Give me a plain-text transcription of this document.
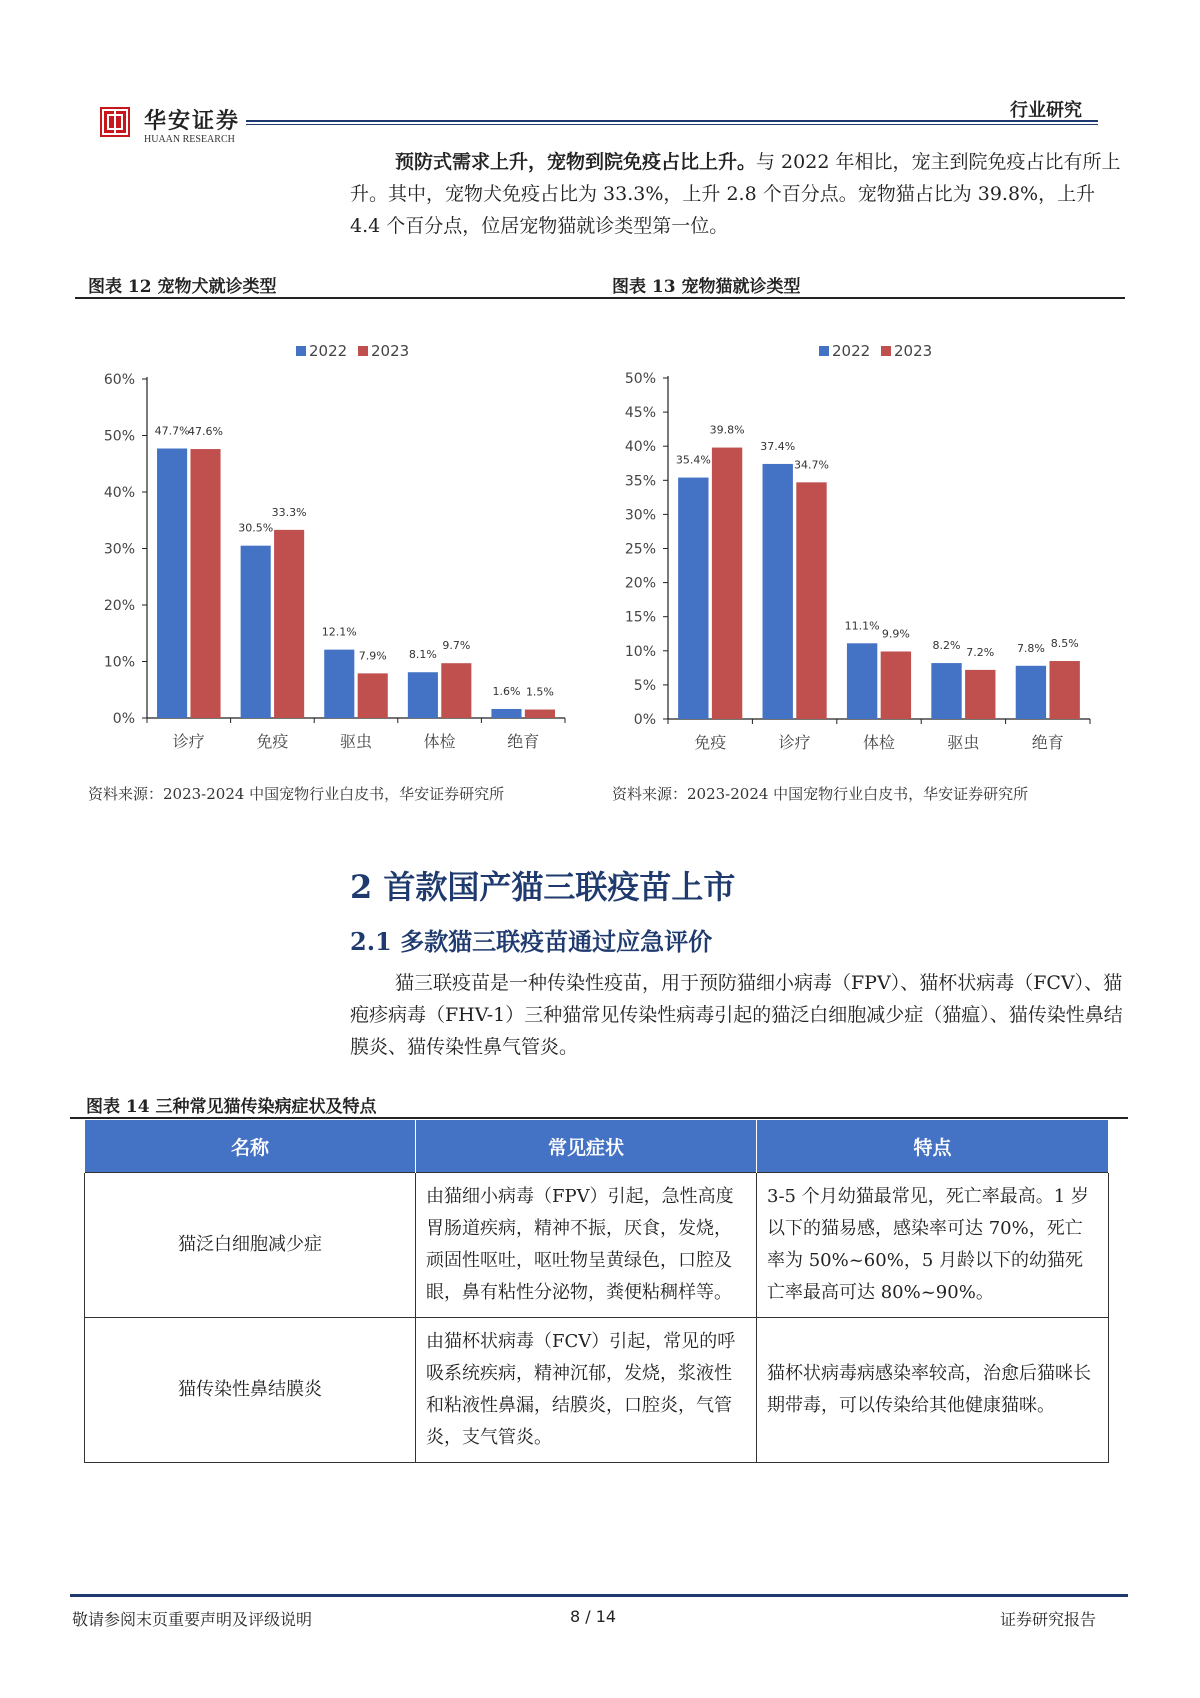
华安证券
HUAAN RESEARCH
行业研究
预防式需求上升，宠物到院免疫占比上升。与 2022 年相比，宠主到院免疫占比有所上升。其中，宠物犬免疫占比为 33.3%，上升 2.8 个百分点。宠物猫占比为 39.8%，上升 4.4 个百分点，位居宠物猫就诊类型第一位。
图表 12 宠物犬就诊类型	图表 13 宠物猫就诊类型
2022 2023
0%
10%
20%
30%
40%
50%
60%
诊疗
47.7%
47.6%
免疫
30.5%
33.3%
驱虫
12.1%
7.9%
体检
8.1%
9.7%
绝育
1.6% 1.5%
2022 2023
0%
5%
10%
15%
20%
25%
30%
35%
40%
45%
50%
免疫
35.4%
39.8%
诊疗
37.4%
34.7%
体检
11.1%
9.9%
驱虫
8.2%
7.2%
绝育
7.8% 8.5%
资料来源：2023-2024 中国宠物行业白皮书，华安证券研究所	资料来源：2023-2024 中国宠物行业白皮书，华安证券研究所
2 首款国产猫三联疫苗上市
2.1 多款猫三联疫苗通过应急评价
猫三联疫苗是一种传染性疫苗，用于预防猫细小病毒（FPV）、猫杯状病毒（FCV）、猫疱疹病毒（FHV-1）三种猫常见传染性病毒引起的猫泛白细胞减少症（猫瘟）、猫传染性鼻结膜炎、猫传染性鼻气管炎。
图表 14 三种常见猫传染病症状及特点
名称	常见症状	特点
猫泛白细胞减少症	由猫细小病毒（FPV）引起，急性高度胃肠道疾病，精神不振，厌食，发烧，顽固性呕吐，呕吐物呈黄绿色，口腔及眼，鼻有粘性分泌物，粪便粘稠样等。	3-5 个月幼猫最常见，死亡率最高。1 岁以下的猫易感，感染率可达 70%，死亡率为 50%~60%，5 月龄以下的幼猫死亡率最高可达 80%~90%。
猫传染性鼻结膜炎	由猫杯状病毒（FCV）引起，常见的呼吸系统疾病，精神沉郁，发烧，浆液性和粘液性鼻漏，结膜炎，口腔炎，气管炎，支气管炎。	猫杯状病毒病感染率较高，治愈后猫咪长期带毒，可以传染给其他健康猫咪。
敬请参阅末页重要声明及评级说明	8 / 14	证券研究报告
